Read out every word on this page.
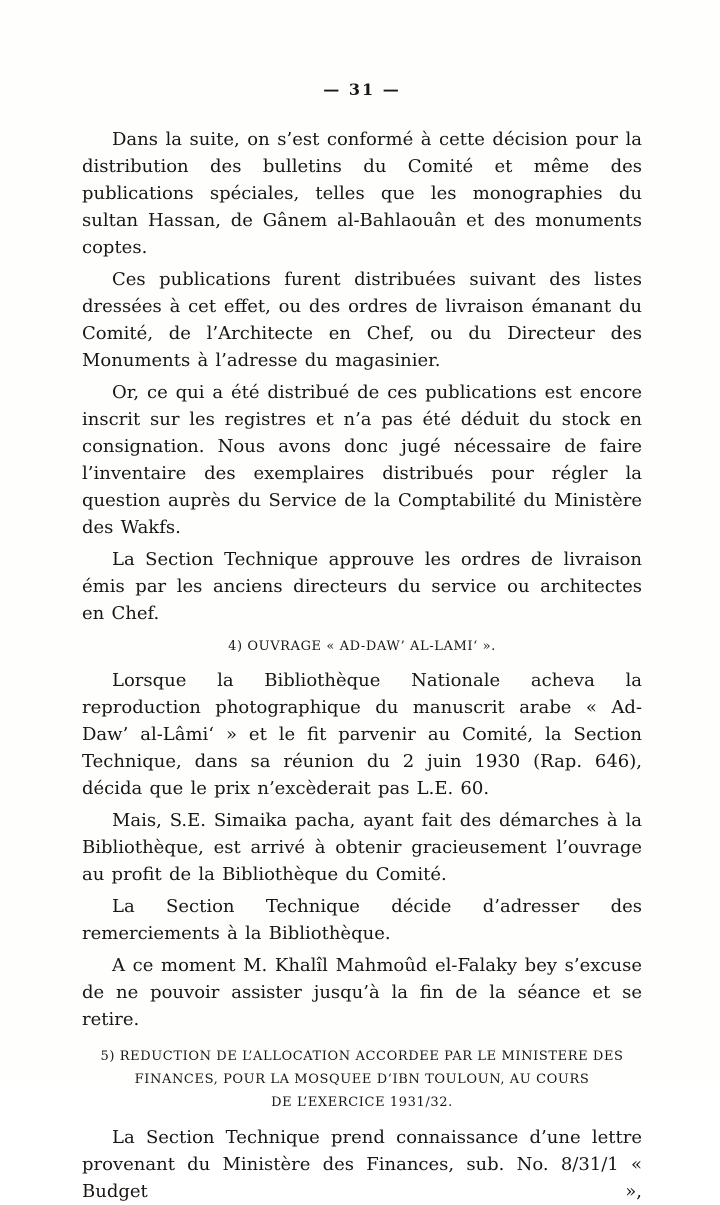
— 31 —

Dans la suite, on s’est conformé à cette décision pour la distribution des bulletins du Comité et même des publications spéciales, telles que les monographies du sultan Hassan, de Gânem al-Bahlaouân et des monuments coptes.

Ces publications furent distribuées suivant des listes dressées à cet effet, ou des ordres de livraison émanant du Comité, de l’Architecte en Chef, ou du Directeur des Monuments à l’adresse du magasinier.

Or, ce qui a été distribué de ces publications est encore inscrit sur les registres et n’a pas été déduit du stock en consignation. Nous avons donc jugé nécessaire de faire l’inventaire des exemplaires distribués pour régler la question auprès du Service de la Comptabilité du Ministère des Wakfs.

La Section Technique approuve les ordres de livraison émis par les anciens directeurs du service ou architectes en Chef.

4) OUVRAGE « AD-DAW’ AL-LAMI‘ ».

Lorsque la Bibliothèque Nationale acheva la reproduction photographique du manuscrit arabe « Ad-Daw’ al-Lâmi‘ » et le fit parvenir au Comité, la Section Technique, dans sa réunion du 2 juin 1930 (Rap. 646), décida que le prix n’excèderait pas L.E. 60.

Mais, S.E. Simaika pacha, ayant fait des démarches à la Bibliothèque, est arrivé à obtenir gracieusement l’ouvrage au profit de la Bibliothèque du Comité.

La Section Technique décide d’adresser des remerciements à la Bibliothèque.

A ce moment M. Khalîl Mahmoûd el-Falaky bey s’excuse de ne pouvoir assister jusqu’à la fin de la séance et se retire.

5) REDUCTION DE L’ALLOCATION ACCORDEE PAR LE MINISTERE DES
FINANCES, POUR LA MOSQUEE D’IBN TOULOUN, AU COURS
DE L’EXERCICE 1931/32.

La Section Technique prend connaissance d’une lettre provenant du Ministère des Finances, sub. No. 8/31/1 « Budget »,
